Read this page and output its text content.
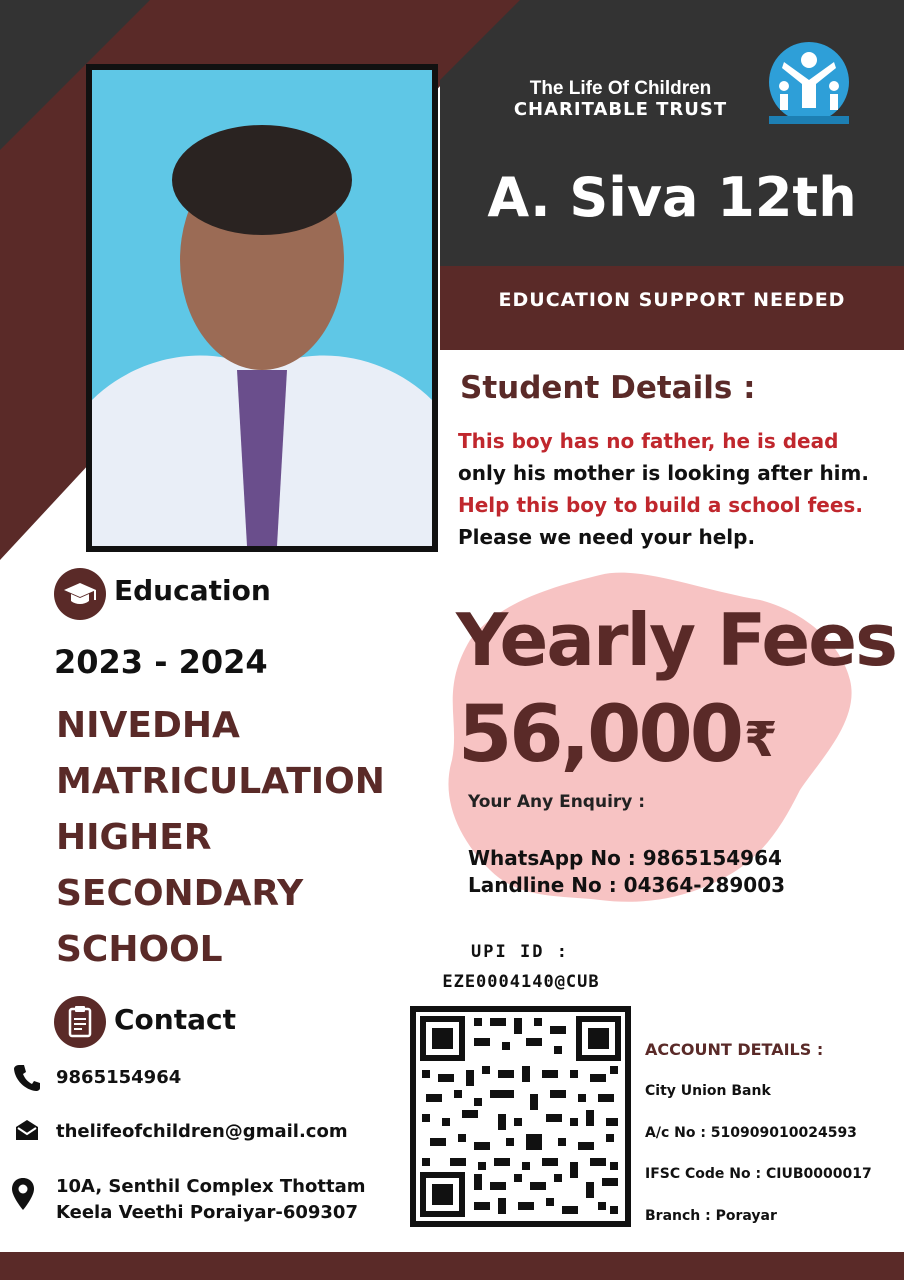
The Life Of Children
CHARITABLE TRUST
A. Siva 12th
EDUCATION SUPPORT NEEDED
Student Details :
This boy has no father, he is dead only his mother is looking after him. Help this boy to build a school fees. Please we need your help.
Yearly Fees
56,000 ₹
Your Any Enquiry :
WhatsApp No : 9865154964
Landline No : 04364-289003
Education
2023 - 2024
NIVEDHA
MATRICULATION
HIGHER
SECONDARY
SCHOOL
Contact
9865154964
thelifeofchildren@gmail.com
10A, Senthil Complex Thottam
Keela Veethi Poraiyar-609307
UPI ID :
EZE0004140@CUB
ACCOUNT DETAILS :
City Union Bank
A/c No : 510909010024593
IFSC Code No : CIUB0000017
Branch : Porayar
